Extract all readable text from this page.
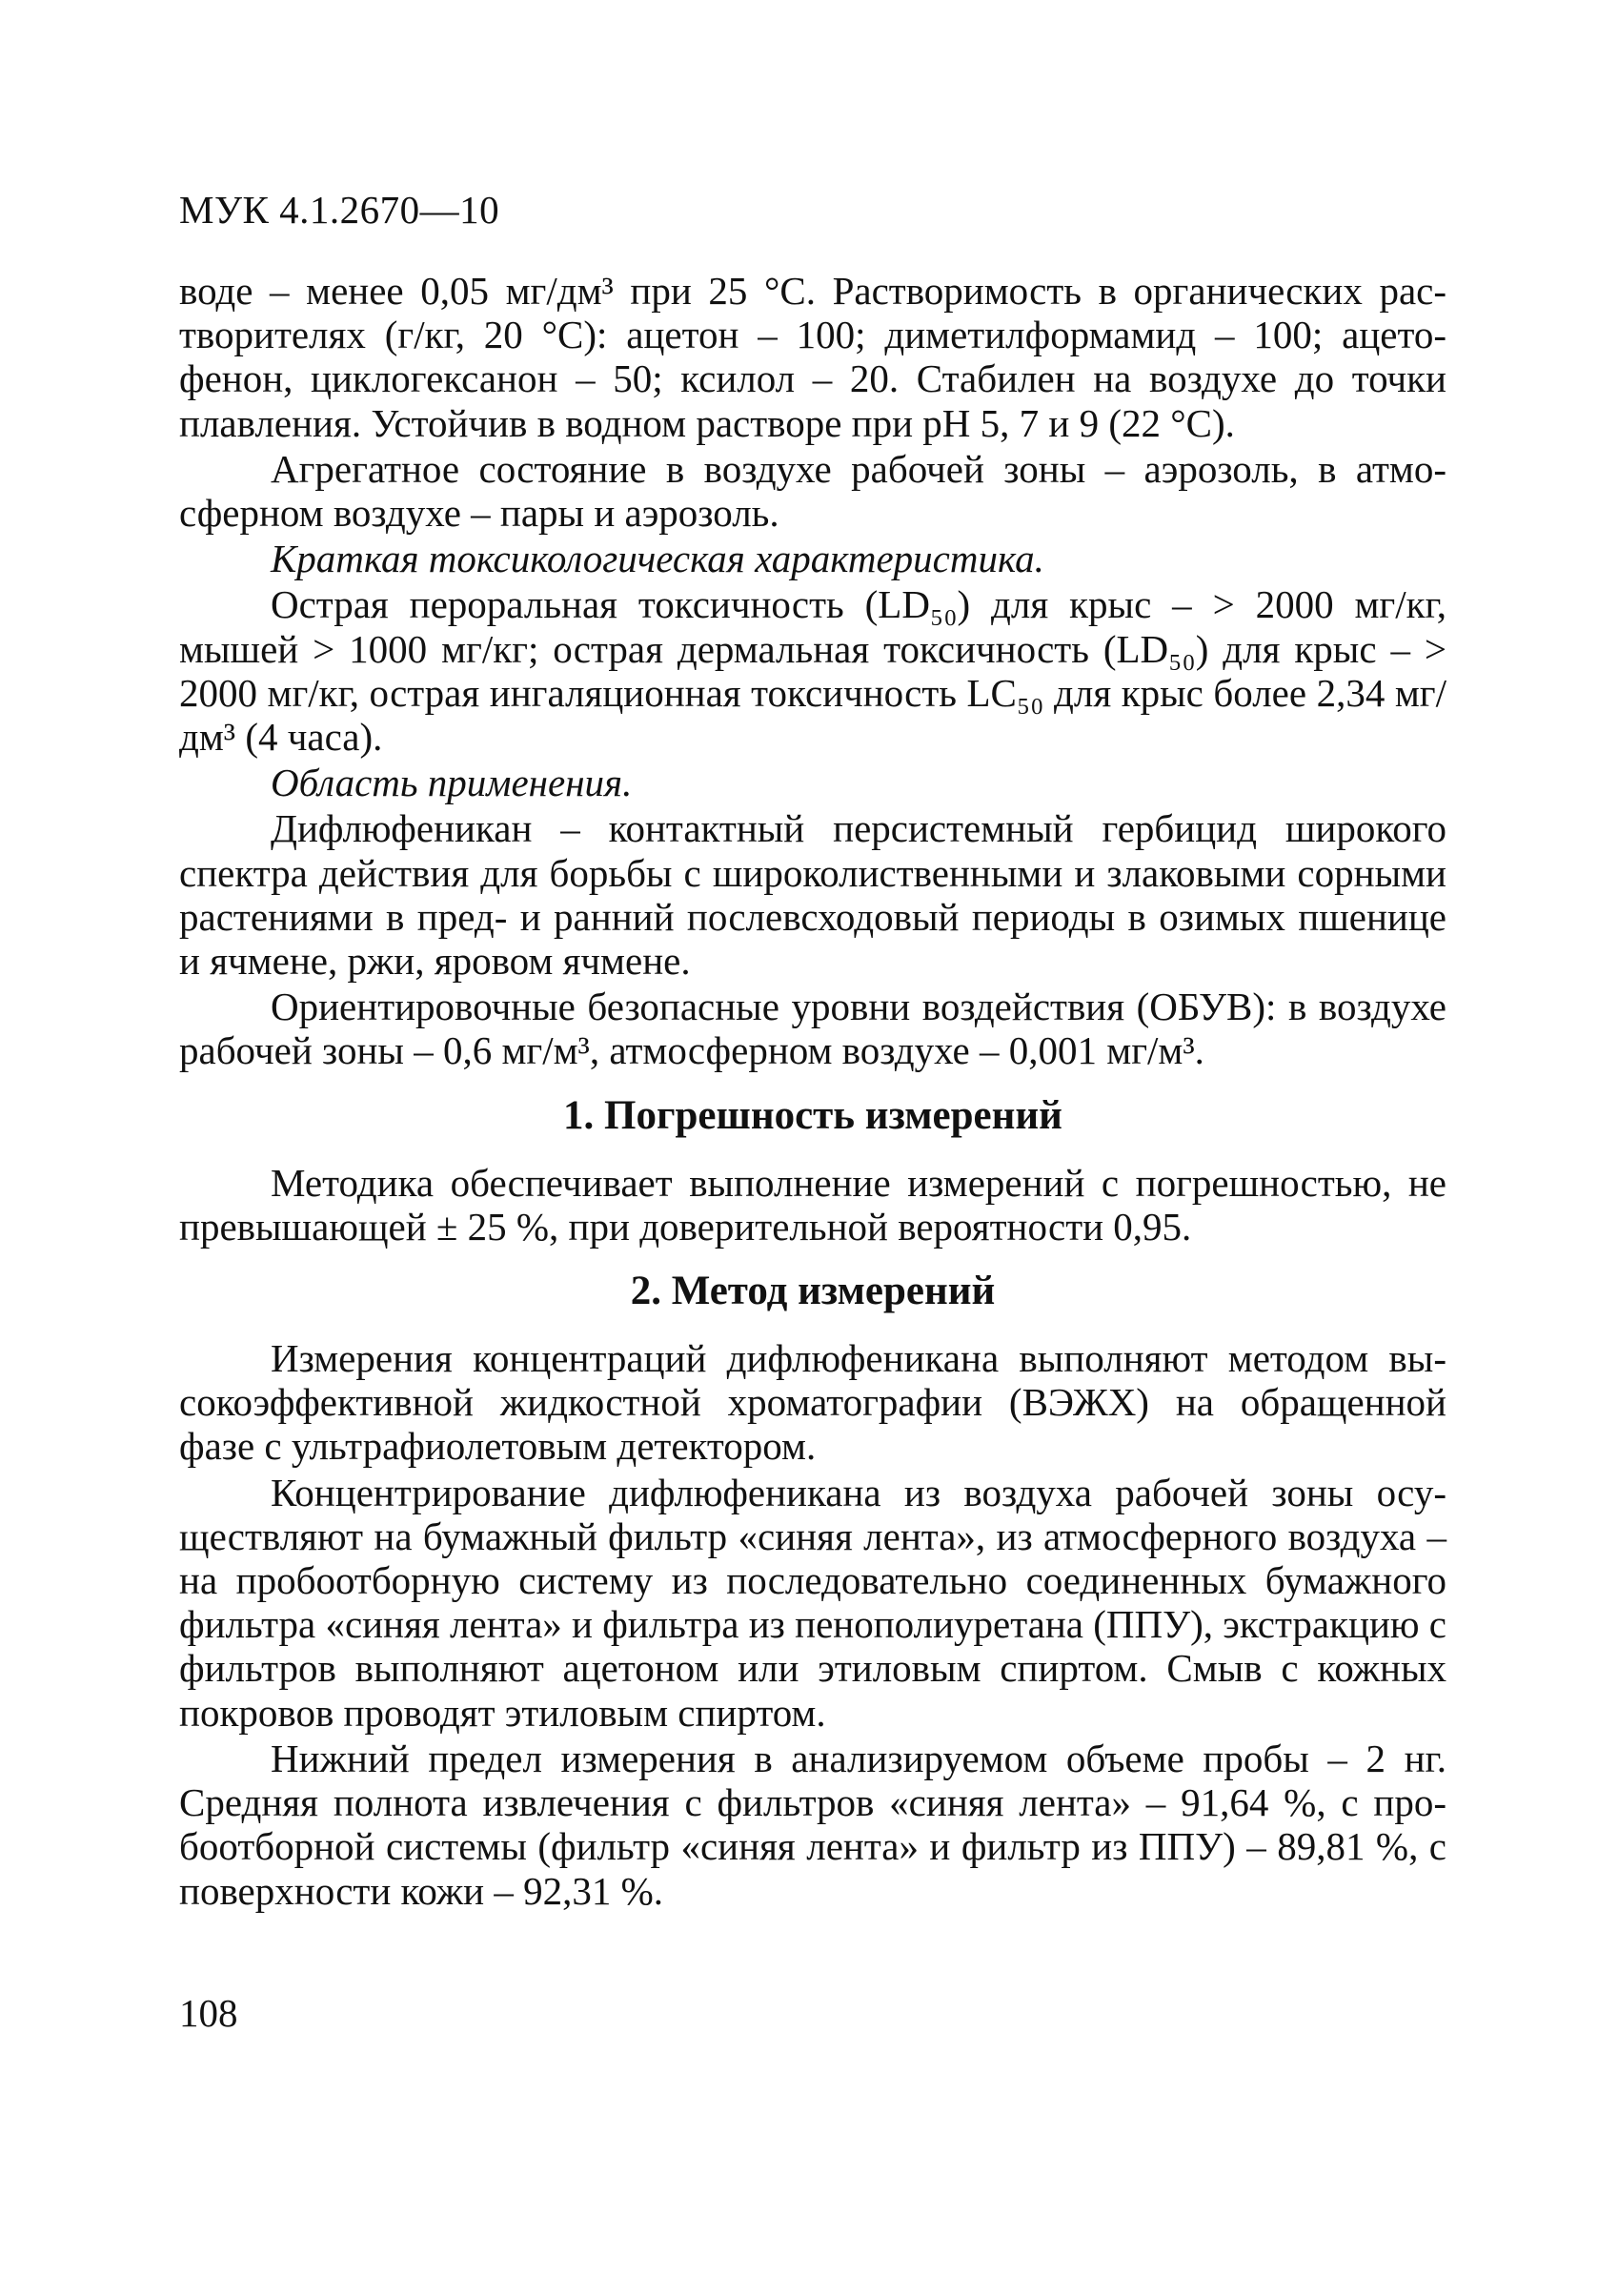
МУК 4.1.2670—10

воде – менее 0,05 мг/дм³ при 25 °С. Растворимость в органических растворителях (г/кг, 20 °С): ацетон – 100; диметилформамид – 100; ацетофенон, циклогексанон – 50; ксилол – 20. Стабилен на воздухе до точки плавления. Устойчив в водном растворе при pH 5, 7 и 9 (22 °С).

Агрегатное состояние в воздухе рабочей зоны – аэрозоль, в атмосферном воздухе – пары и аэрозоль.

Краткая токсикологическая характеристика.

Острая пероральная токсичность (LD₅₀) для крыс – > 2000 мг/кг, мышей > 1000 мг/кг; острая дермальная токсичность (LD₅₀) для крыс – > 2000 мг/кг, острая ингаляционная токсичность LC₅₀ для крыс более 2,34 мг/дм³ (4 часа).

Область применения.

Дифлюфеникан – контактный персистемный гербицид широкого спектра действия для борьбы с широколиственными и злаковыми сорными растениями в пред- и ранний послевсходовый периоды в озимых пшенице и ячмене, ржи, яровом ячмене.

Ориентировочные безопасные уровни воздействия (ОБУВ): в воздухе рабочей зоны – 0,6 мг/м³, атмосферном воздухе – 0,001 мг/м³.

1. Погрешность измерений

Методика обеспечивает выполнение измерений с погрешностью, не превышающей ± 25 %, при доверительной вероятности 0,95.

2. Метод измерений

Измерения концентраций дифлюфеникана выполняют методом высокоэффективной жидкостной хроматографии (ВЭЖХ) на обращенной фазе с ультрафиолетовым детектором.

Концентрирование дифлюфеникана из воздуха рабочей зоны осуществляют на бумажный фильтр «синяя лента», из атмосферного воздуха – на пробоотборную систему из последовательно соединенных бумажного фильтра «синяя лента» и фильтра из пенополиуретана (ППУ), экстракцию с фильтров выполняют ацетоном или этиловым спиртом. Смыв с кожных покровов проводят этиловым спиртом.

Нижний предел измерения в анализируемом объеме пробы – 2 нг. Средняя полнота извлечения с фильтров «синяя лента» – 91,64 %, с пробоотборной системы (фильтр «синяя лента» и фильтр из ППУ) – 89,81 %, с поверхности кожи – 92,31 %.

108
